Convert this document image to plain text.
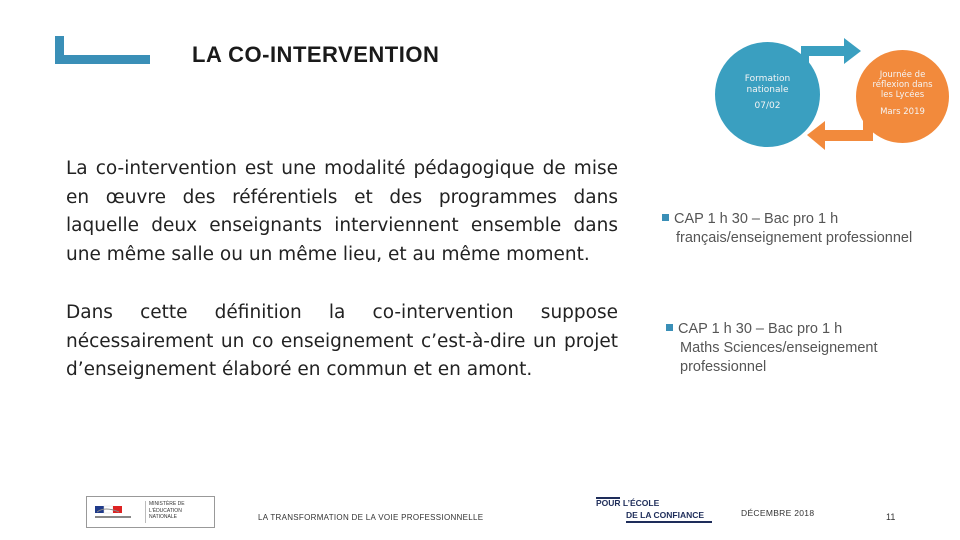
LA CO-INTERVENTION
La co-intervention est une modalité pédagogique de mise en œuvre des référentiels et des programmes dans laquelle deux enseignants interviennent ensemble dans une même salle ou un même lieu, et au même moment.
Dans cette définition la co-intervention suppose nécessairement un co enseignement c’est-à-dire un projet d’enseignement élaboré en commun et en amont.
Formation
nationale
07/02
Journée de
réflexion dans
les Lycées
Mars 2019
CAP 1 h 30 – Bac pro 1 h
français/enseignement professionnel
CAP 1 h 30 – Bac pro 1 h
Maths Sciences/enseignement professionnel
MINISTÈRE DE L'ÉDUCATION NATIONALE	LA TRANSFORMATION DE LA VOIE PROFESSIONNELLE
POUR L’ÉCOLE
DE LA CONFIANCE	DÉCEMBRE 2018	11
